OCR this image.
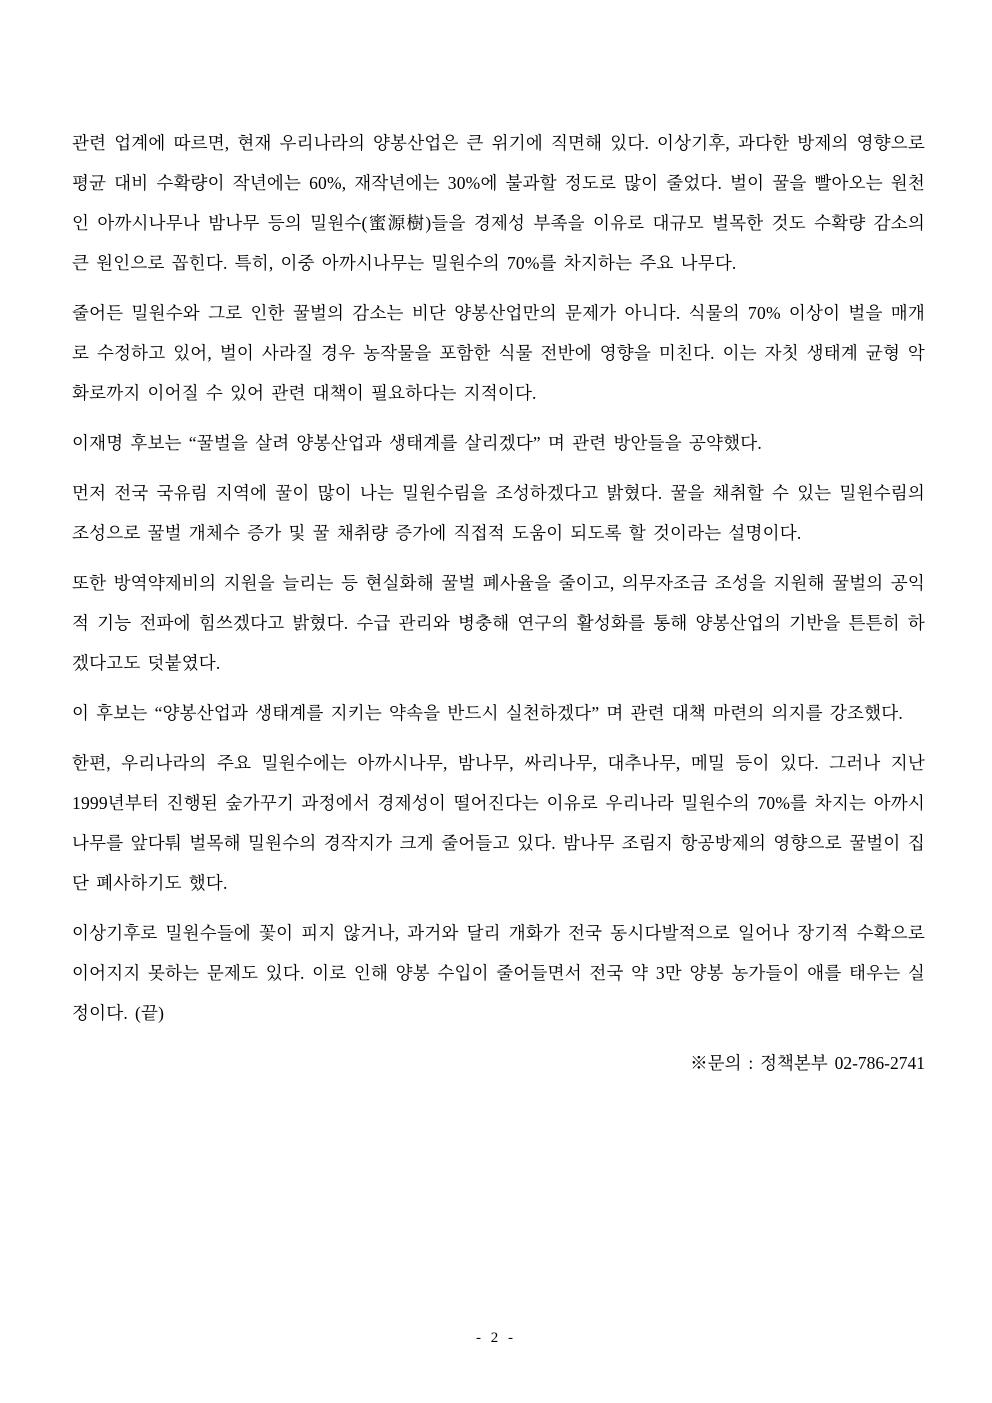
관련 업계에 따르면, 현재 우리나라의 양봉산업은 큰 위기에 직면해 있다. 이상기후, 과다한 방제의 영향으로 평균 대비 수확량이 작년에는 60%, 재작년에는 30%에 불과할 정도로 많이 줄었다. 벌이 꿀을 빨아오는 원천인 아까시나무나 밤나무 등의 밀원수(蜜源樹)들을 경제성 부족을 이유로 대규모 벌목한 것도 수확량 감소의 큰 원인으로 꼽힌다. 특히, 이중 아까시나무는 밀원수의 70%를 차지하는 주요 나무다.

줄어든 밀원수와 그로 인한 꿀벌의 감소는 비단 양봉산업만의 문제가 아니다. 식물의 70% 이상이 벌을 매개로 수정하고 있어, 벌이 사라질 경우 농작물을 포함한 식물 전반에 영향을 미친다. 이는 자칫 생태계 균형 악화로까지 이어질 수 있어 관련 대책이 필요하다는 지적이다.

이재명 후보는 “꿀벌을 살려 양봉산업과 생태계를 살리겠다” 며 관련 방안들을 공약했다.

먼저 전국 국유림 지역에 꿀이 많이 나는 밀원수림을 조성하겠다고 밝혔다. 꿀을 채취할 수 있는 밀원수림의 조성으로 꿀벌 개체수 증가 및 꿀 채취량 증가에 직접적 도움이 되도록 할 것이라는 설명이다.

또한 방역약제비의 지원을 늘리는 등 현실화해 꿀벌 폐사율을 줄이고, 의무자조금 조성을 지원해 꿀벌의 공익적 기능 전파에 힘쓰겠다고 밝혔다. 수급 관리와 병충해 연구의 활성화를 통해 양봉산업의 기반을 튼튼히 하겠다고도 덧붙였다.

이 후보는 “양봉산업과 생태계를 지키는 약속을 반드시 실천하겠다” 며 관련 대책 마련의 의지를 강조했다.

한편, 우리나라의 주요 밀원수에는 아까시나무, 밤나무, 싸리나무, 대추나무, 메밀 등이 있다. 그러나 지난 1999년부터 진행된 숲가꾸기 과정에서 경제성이 떨어진다는 이유로 우리나라 밀원수의 70%를 차지는 아까시나무를 앞다퉈 벌목해 밀원수의 경작지가 크게 줄어들고 있다. 밤나무 조림지 항공방제의 영향으로 꿀벌이 집단 폐사하기도 했다.

이상기후로 밀원수들에 꽃이 피지 않거나, 과거와 달리 개화가 전국 동시다발적으로 일어나 장기적 수확으로 이어지지 못하는 문제도 있다. 이로 인해 양봉 수입이 줄어들면서 전국 약 3만 양봉 농가들이 애를 태우는 실정이다. (끝)

※문의 : 정책본부 02-786-2741

- 2 -
